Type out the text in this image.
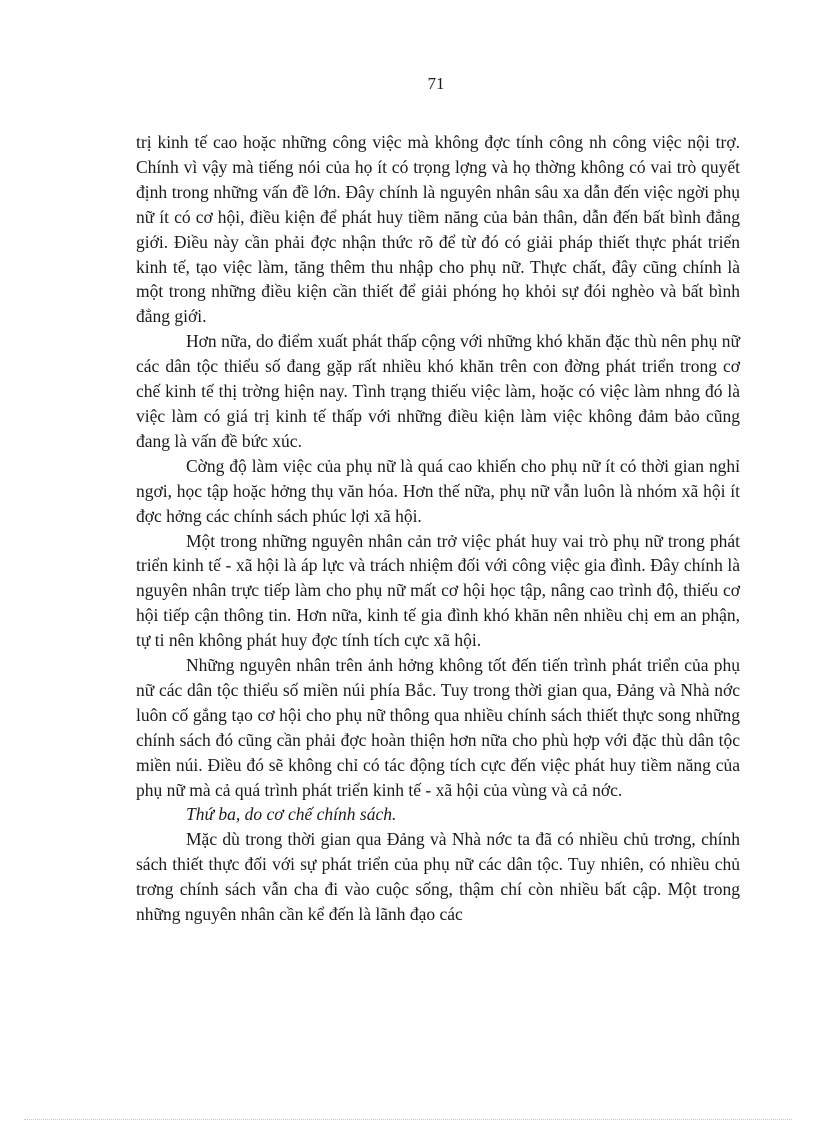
71

trị kinh tế cao hoặc những công việc mà không đợc tính công nh công việc nội trợ. Chính vì vậy mà tiếng nói của họ ít có trọng lợng và họ thờng không có vai trò quyết định trong những vấn đề lớn. Đây chính là nguyên nhân sâu xa dẫn đến việc ngời phụ nữ ít có cơ hội, điều kiện để phát huy tiềm năng của bản thân, dẫn đến bất bình đẳng giới. Điều này cần phải đợc nhận thức rõ để từ đó có giải pháp thiết thực phát triển kinh tế, tạo việc làm, tăng thêm thu nhập cho phụ nữ. Thực chất, đây cũng chính là một trong những điều kiện cần thiết để giải phóng họ khỏi sự đói nghèo và bất bình đẳng giới.

Hơn nữa, do điểm xuất phát thấp cộng với những khó khăn đặc thù nên phụ nữ các dân tộc thiểu số đang gặp rất nhiều khó khăn trên con đờng phát triển trong cơ chế kinh tế thị trờng hiện nay. Tình trạng thiếu việc làm, hoặc có việc làm nhng đó là việc làm có giá trị kinh tế thấp với những điều kiện làm việc không đảm bảo cũng đang là vấn đề bức xúc.

Cờng độ làm việc của phụ nữ là quá cao khiến cho phụ nữ ít có thời gian nghỉ ngơi, học tập hoặc hởng thụ văn hóa. Hơn thế nữa, phụ nữ vẫn luôn là nhóm xã hội ít đợc hởng các chính sách phúc lợi xã hội.

Một trong những nguyên nhân cản trở việc phát huy vai trò phụ nữ trong phát triển kinh tế - xã hội là áp lực và trách nhiệm đối với công việc gia đình. Đây chính là nguyên nhân trực tiếp làm cho phụ nữ mất cơ hội học tập, nâng cao trình độ, thiếu cơ hội tiếp cận thông tin. Hơn nữa, kinh tế gia đình khó khăn nên nhiều chị em an phận, tự ti nên không phát huy đợc tính tích cực xã hội.

Những nguyên nhân trên ảnh hởng không tốt đến tiến trình phát triển của phụ nữ các dân tộc thiểu số miền núi phía Bắc. Tuy trong thời gian qua, Đảng và Nhà nớc luôn cố gắng tạo cơ hội cho phụ nữ thông qua nhiều chính sách thiết thực song những chính sách đó cũng cần phải đợc hoàn thiện hơn nữa cho phù hợp với đặc thù dân tộc miền núi. Điều đó sẽ không chỉ có tác động tích cực đến việc phát huy tiềm năng của phụ nữ mà cả quá trình phát triển kinh tế - xã hội của vùng và cả nớc.

Thứ ba, do cơ chế chính sách.

Mặc dù trong thời gian qua Đảng và Nhà nớc ta đã có nhiều chủ trơng, chính sách thiết thực đối với sự phát triển của phụ nữ các dân tộc. Tuy nhiên, có nhiều chủ trơng chính sách vẫn cha đi vào cuộc sống, thậm chí còn nhiều bất cập. Một trong những nguyên nhân cần kể đến là lãnh đạo các
